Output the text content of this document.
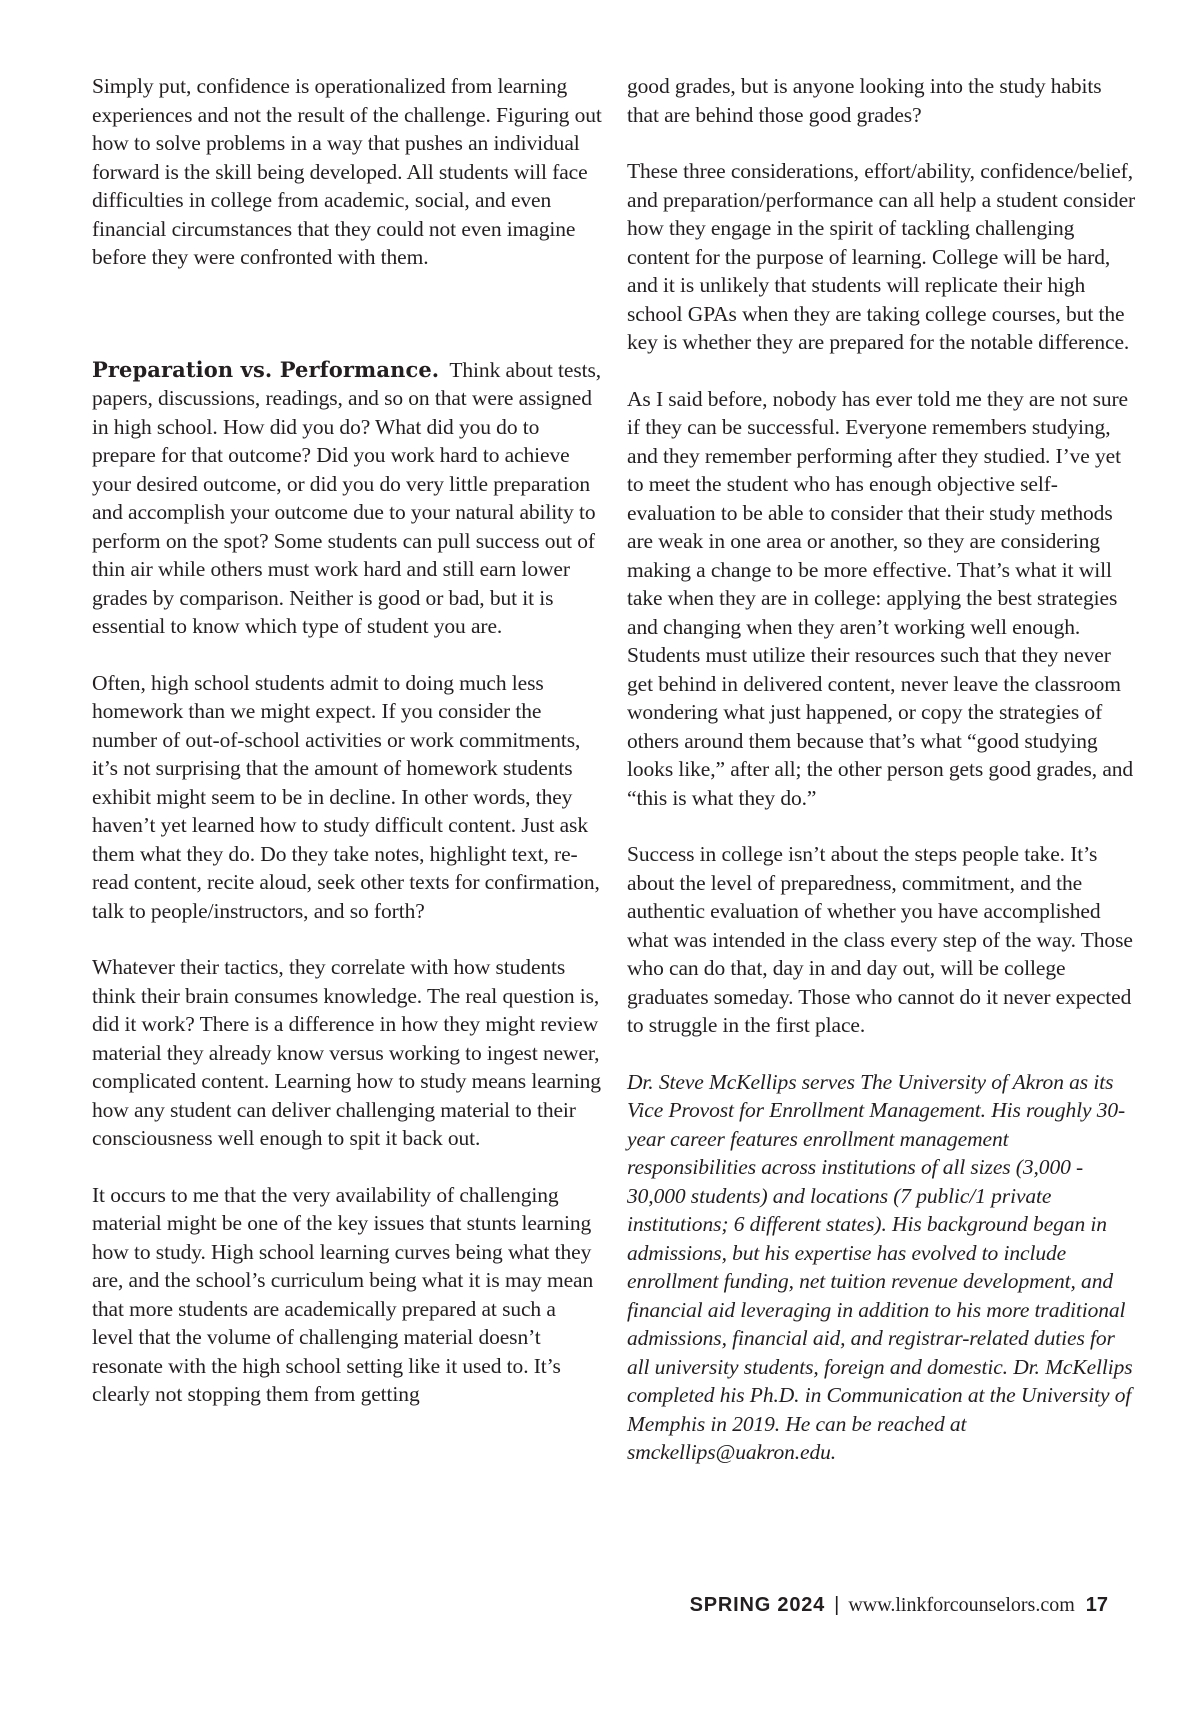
Simply put, confidence is operationalized from learning experiences and not the result of the challenge. Figuring out how to solve problems in a way that pushes an individual forward is the skill being developed. All students will face difficulties in college from academic, social, and even financial circumstances that they could not even imagine before they were confronted with them.

Preparation vs. Performance. Think about tests, papers, discussions, readings, and so on that were assigned in high school. How did you do? What did you do to prepare for that outcome? Did you work hard to achieve your desired outcome, or did you do very little preparation and accomplish your outcome due to your natural ability to perform on the spot? Some students can pull success out of thin air while others must work hard and still earn lower grades by comparison. Neither is good or bad, but it is essential to know which type of student you are.

Often, high school students admit to doing much less homework than we might expect. If you consider the number of out-of-school activities or work commitments, it’s not surprising that the amount of homework students exhibit might seem to be in decline. In other words, they haven’t yet learned how to study difficult content. Just ask them what they do. Do they take notes, highlight text, re-read content, recite aloud, seek other texts for confirmation, talk to people/instructors, and so forth?

Whatever their tactics, they correlate with how students think their brain consumes knowledge. The real question is, did it work? There is a difference in how they might review material they already know versus working to ingest newer, complicated content. Learning how to study means learning how any student can deliver challenging material to their consciousness well enough to spit it back out.

It occurs to me that the very availability of challenging material might be one of the key issues that stunts learning how to study. High school learning curves being what they are, and the school’s curriculum being what it is may mean that more students are academically prepared at such a level that the volume of challenging material doesn’t resonate with the high school setting like it used to. It’s clearly not stopping them from getting

good grades, but is anyone looking into the study habits that are behind those good grades?

These three considerations, effort/ability, confidence/belief, and preparation/performance can all help a student consider how they engage in the spirit of tackling challenging content for the purpose of learning. College will be hard, and it is unlikely that students will replicate their high school GPAs when they are taking college courses, but the key is whether they are prepared for the notable difference.

As I said before, nobody has ever told me they are not sure if they can be successful. Everyone remembers studying, and they remember performing after they studied. I’ve yet to meet the student who has enough objective self-evaluation to be able to consider that their study methods are weak in one area or another, so they are considering making a change to be more effective. That’s what it will take when they are in college: applying the best strategies and changing when they aren’t working well enough. Students must utilize their resources such that they never get behind in delivered content, never leave the classroom wondering what just happened, or copy the strategies of others around them because that’s what “good studying looks like,” after all; the other person gets good grades, and “this is what they do.”

Success in college isn’t about the steps people take. It’s about the level of preparedness, commitment, and the authentic evaluation of whether you have accomplished what was intended in the class every step of the way. Those who can do that, day in and day out, will be college graduates someday. Those who cannot do it never expected to struggle in the first place.

Dr. Steve McKellips serves The University of Akron as its Vice Provost for Enrollment Management. His roughly 30-year career features enrollment management responsibilities across institutions of all sizes (3,000 - 30,000 students) and locations (7 public/1 private institutions; 6 different states). His background began in admissions, but his expertise has evolved to include enrollment funding, net tuition revenue development, and financial aid leveraging in addition to his more traditional admissions, financial aid, and registrar-related duties for all university students, foreign and domestic. Dr. McKellips completed his Ph.D. in Communication at the University of Memphis in 2019. He can be reached at smckellips@uakron.edu.

SPRING 2024 | www.linkforcounselors.com 17
